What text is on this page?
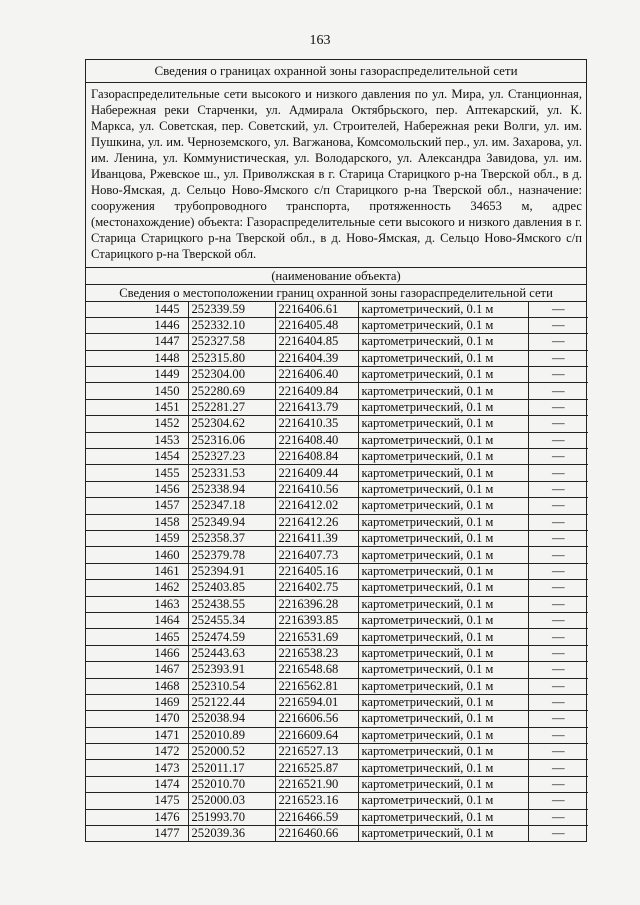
163
Сведения о границах охранной зоны газораспределительной сети
Газораспределительные сети высокого и низкого давления по ул. Мира, ул. Станционная, Набережная реки Старченки, ул. Адмирала Октябрьского, пер. Аптекарский, ул. К. Маркса, ул. Советская, пер. Советский, ул. Строителей, Набережная реки Волги, ул. им. Пушкина, ул. им. Черноземского, ул. Вагжанова, Комсомольский пер., ул. им. Захарова, ул. им. Ленина, ул. Коммунистическая, ул. Володарского, ул. Александра Завидова, ул. им. Иванцова, Ржевское ш., ул. Приволжская в г. Старица Старицкого р-на Тверской обл., в д. Ново-Ямская, д. Сельцо Ново-Ямского с/п Старицкого р-на Тверской обл., назначение: сооружения трубопроводного транспорта, протяженность 34653 м, адрес (местонахождение) объекта: Газораспределительные сети высокого и низкого давления в г. Старица Старицкого р-на Тверской обл., в д. Ново-Ямская, д. Сельцо Ново-Ямского с/п Старицкого р-на Тверской обл.
(наименование объекта)
Сведения о местоположении границ охранной зоны газораспределительной сети
1445	252339.59	2216406.61	картометрический, 0.1 м	—
1446	252332.10	2216405.48	картометрический, 0.1 м	—
1447	252327.58	2216404.85	картометрический, 0.1 м	—
1448	252315.80	2216404.39	картометрический, 0.1 м	—
1449	252304.00	2216406.40	картометрический, 0.1 м	—
1450	252280.69	2216409.84	картометрический, 0.1 м	—
1451	252281.27	2216413.79	картометрический, 0.1 м	—
1452	252304.62	2216410.35	картометрический, 0.1 м	—
1453	252316.06	2216408.40	картометрический, 0.1 м	—
1454	252327.23	2216408.84	картометрический, 0.1 м	—
1455	252331.53	2216409.44	картометрический, 0.1 м	—
1456	252338.94	2216410.56	картометрический, 0.1 м	—
1457	252347.18	2216412.02	картометрический, 0.1 м	—
1458	252349.94	2216412.26	картометрический, 0.1 м	—
1459	252358.37	2216411.39	картометрический, 0.1 м	—
1460	252379.78	2216407.73	картометрический, 0.1 м	—
1461	252394.91	2216405.16	картометрический, 0.1 м	—
1462	252403.85	2216402.75	картометрический, 0.1 м	—
1463	252438.55	2216396.28	картометрический, 0.1 м	—
1464	252455.34	2216393.85	картометрический, 0.1 м	—
1465	252474.59	2216531.69	картометрический, 0.1 м	—
1466	252443.63	2216538.23	картометрический, 0.1 м	—
1467	252393.91	2216548.68	картометрический, 0.1 м	—
1468	252310.54	2216562.81	картометрический, 0.1 м	—
1469	252122.44	2216594.01	картометрический, 0.1 м	—
1470	252038.94	2216606.56	картометрический, 0.1 м	—
1471	252010.89	2216609.64	картометрический, 0.1 м	—
1472	252000.52	2216527.13	картометрический, 0.1 м	—
1473	252011.17	2216525.87	картометрический, 0.1 м	—
1474	252010.70	2216521.90	картометрический, 0.1 м	—
1475	252000.03	2216523.16	картометрический, 0.1 м	—
1476	251993.70	2216466.59	картометрический, 0.1 м	—
1477	252039.36	2216460.66	картометрический, 0.1 м	—
